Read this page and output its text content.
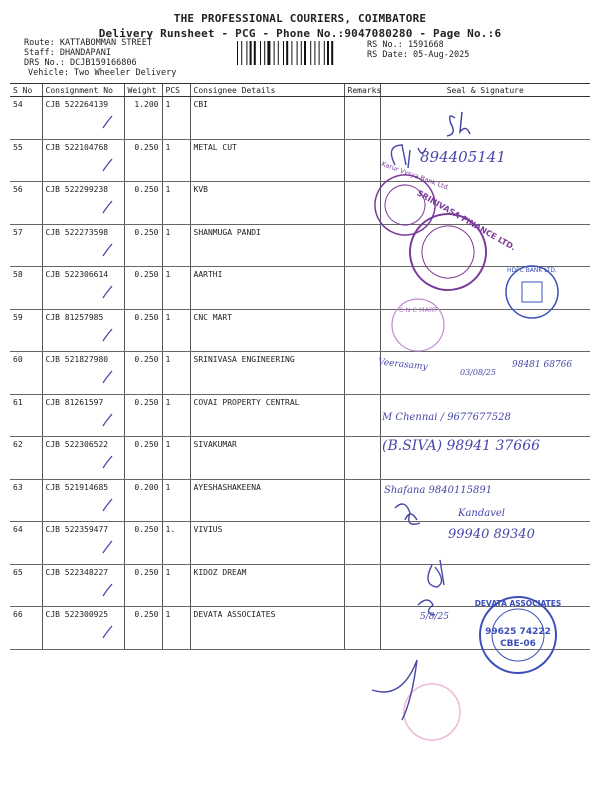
THE PROFESSIONAL COURIERS, COIMBATORE
Delivery Runsheet - PCG - Phone No.:9047080280 - Page No.:6
Route: KATTABOMMAN STREET
Staff: DHANDAPANI
DRS No.: DCJB159166806
Vehicle: Two Wheeler Delivery
RS No.: 1591668
RS Date: 05-Aug-2025
S No	Consignment No	Weight	PCS	Consignee Details	Remarks	Seal & Signature
54	CJB 522264139	1.200	1	CBI		
55	CJB 522104768	0.250	1	METAL CUT		
56	CJB 522299238	0.250	1	KVB		
57	CJB 522273598	0.250	1	SHANMUGA PANDI		
58	CJB 522306614	0.250	1	AARTHI		
59	CJB 81257985	0.250	1	CNC MART		
60	CJB 521827980	0.250	1	SRINIVASA ENGINEERING		
61	CJB 81261597	0.250	1	COVAI PROPERTY CENTRAL		
62	CJB 522306522	0.250	1	SIVAKUMAR		
63	CJB 521914685	0.200	1	AYESHASHAKEENA		
64	CJB 522359477	0.250	1.	VIVIUS		
65	CJB 522348227	0.250	1	KIDOZ DREAM		
66	CJB 522300925	0.250	1	DEVATA ASSOCIATES		
Karur Vysya Bank Ltd.
SRINIVASA FINANCE LTD.
HDFC BANK LTD.
C N C MART
DEVATA ASSOCIATES
99625 74222
CBE-06
894405141
Veerasamy	03/08/25
98481 68766
M Chennai / 9677677528
(B.SIVA) 98941 37666
Shafana 9840115891
Kandavel
99940 89340
5/8/25
